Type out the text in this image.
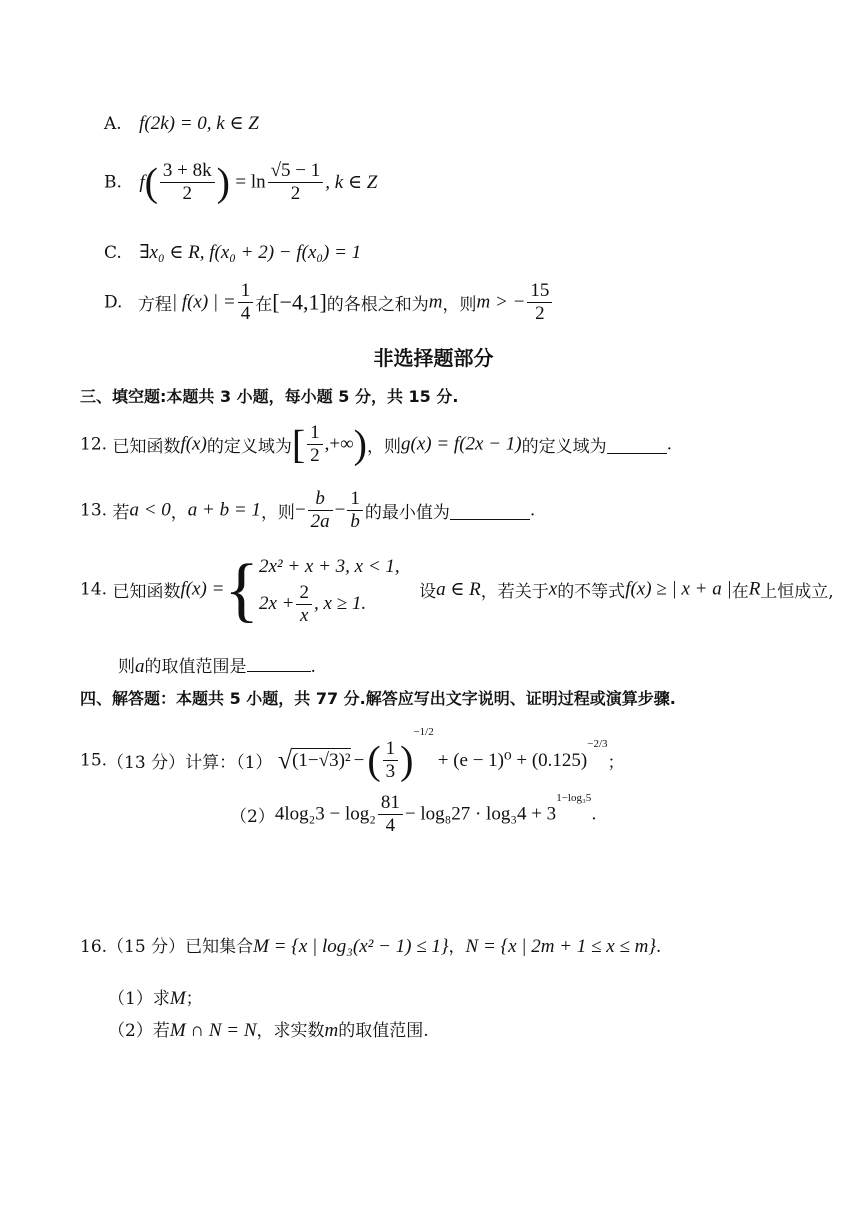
A. f(2k) = 0, k ∈ Z
B. $f( \frac{3 + 8k}{2}$ ) = $\ln \frac{√5 - 1}{2}$ , k ∈ Z
C. ∃x₀ ∈ R, f(x₀ + 2) − f(x₀) = 1
D. 方程| f(x) | = $\frac{1}{4}$ 在[−4,1]的各根之和为m，则m > − $\frac{15}{2}$
非选择题部分
三、填空题:本题共 3 小题，每小题 5 分，共 15 分.
12. 已知函数f(x)的定义域为[ $\frac{1}{2}$ ,+∞)，则g(x) = f(2x − 1)的定义域为	.
13. 若a < 0，a + b = 1，则− $\frac{b}{2a} - \frac{1}{b}$ 的最小值为	.
14. 已知函数f(x) ={ 2x² + x + 3, x < 1,
$2x + \frac{2}{x}$ , x ≥ 1.
设a ∈ R，若关于x的不等式f(x) ≥ | x + a |在R上恒成立,
则a的取值范围是	.
四、解答题：本题共 5 小题，共 77 分.解答应写出文字说明、证明过程或演算步骤.
15.（13 分）计算：（1） √(1−√3)² −( $\frac{1}{3} )^{-1/2}+ (e - 1)^0 + (0.125)^{-2/3}$；
$(2)4\log_23 - \log_2 \frac{81}{4} - \log_827 \cdot \log_34 + 3^{1-log_35}$.
16.（15 分）已知集合M = {x | log₃(x² − 1) ≤ 1}，N = {x | 2m + 1 ≤ x ≤ m}.
（1）求M；
（2）若M ∩ N = N，求实数m的取值范围.
